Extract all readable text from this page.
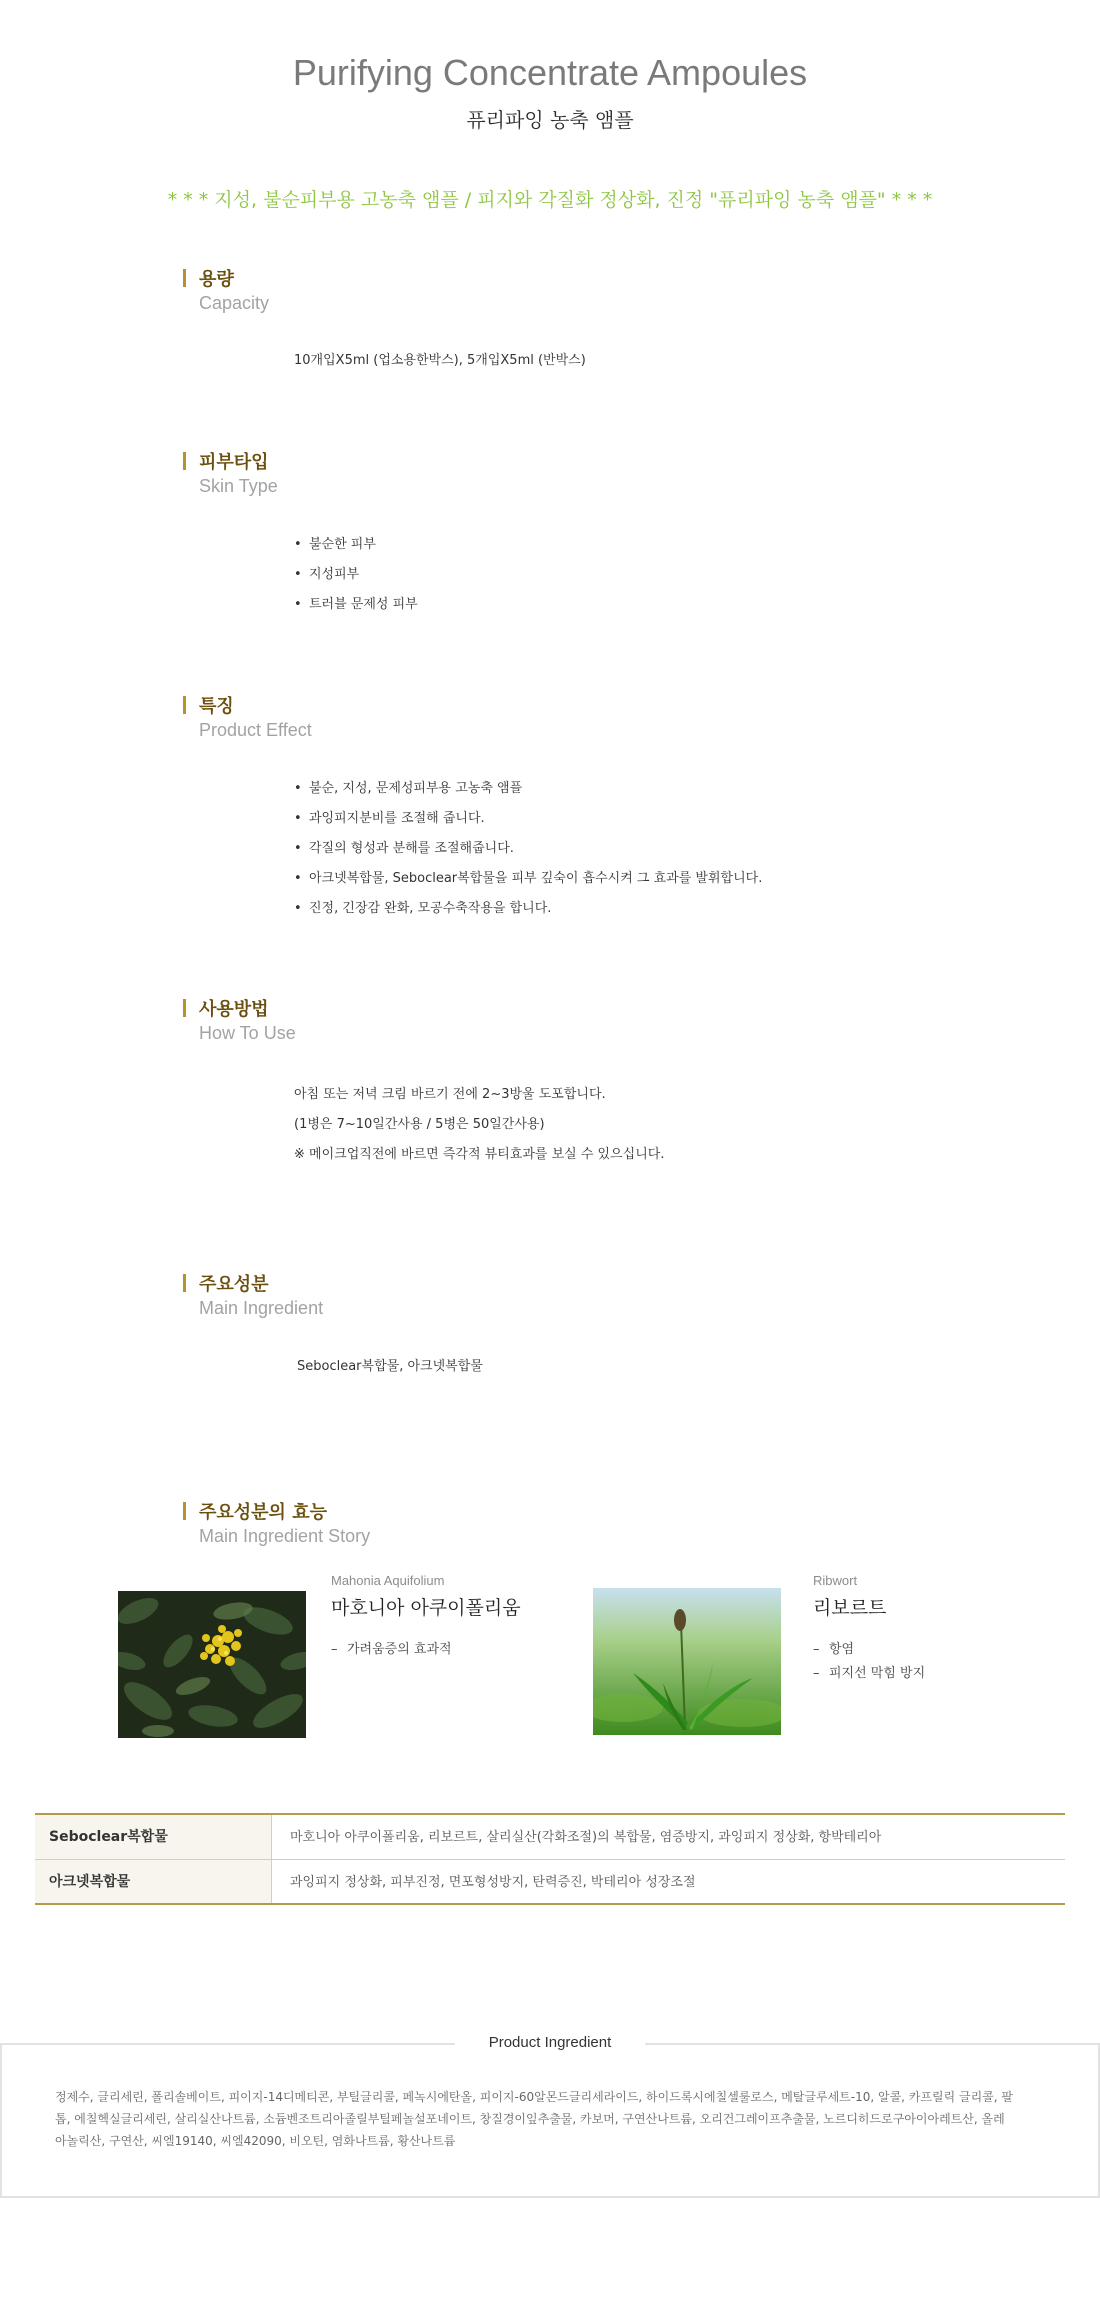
Purifying Concentrate Ampoules
퓨리파잉 농축 앰플
* * * 지성, 불순피부용 고농축 앰플 / 피지와 각질화 정상화, 진정 "퓨리파잉 농축 앰플" * * *
용량
Capacity
10개입X5ml (업소용한박스), 5개입X5ml (반박스)
피부타입
Skin Type
• 불순한 피부
• 지성피부
• 트러블 문제성 피부
특징
Product Effect
• 불순, 지성, 문제성피부용 고농축 앰플
• 과잉피지분비를 조절해 줍니다.
• 각질의 형성과 분해를 조절해줍니다.
• 아크넷복합물, Seboclear복합물을 피부 깊숙이 흡수시켜 그 효과를 발휘합니다.
• 진정, 긴장감 완화, 모공수축작용을 합니다.
사용방법
How To Use
아침 또는 저녁 크림 바르기 전에 2~3방울 도포합니다.
(1병은 7~10일간사용 / 5병은 50일간사용)
※ 메이크업직전에 바르면 즉각적 뷰티효과를 보실 수 있으십니다.
주요성분
Main Ingredient
Seboclear복합물, 아크넷복합물
주요성분의 효능
Main Ingredient Story
Mahonia Aquifolium
마호니아 아쿠이폴리움
– 가려움증의 효과적
Ribwort
리보르트
– 항염
– 피지선 막힘 방지
Seboclear복합물	마호니아 아쿠이폴리움, 리보르트, 살리실산(각화조절)의 복합물, 염증방지, 과잉피지 정상화, 항박테리아
아크넷복합물	과잉피지 정상화, 피부진정, 면포형성방지, 탄력증진, 박테리아 성장조절
Product Ingredient
정제수, 글리세린, 폴리솔베이트, 피이지-14디메티콘, 부틸글리콜, 페녹시에탄올, 피이지-60알몬드글리세라이드, 하이드록시에칠셀룰로스, 메탈글루세트-10, 알콜, 카프릴릭 글리콜, 팔톱, 에칠헥실글리세린, 살리실산나트륨, 소듐벤조트리아졸릴부틸페놀설포네이트, 창질경이잎추출물, 카보머, 구연산나트륨, 오리건그레이프추출물, 노르디히드로구아이아레트산, 올레아놀릭산, 구연산, 씨엘19140, 씨엘42090, 비오틴, 염화나트륨, 황산나트륨
